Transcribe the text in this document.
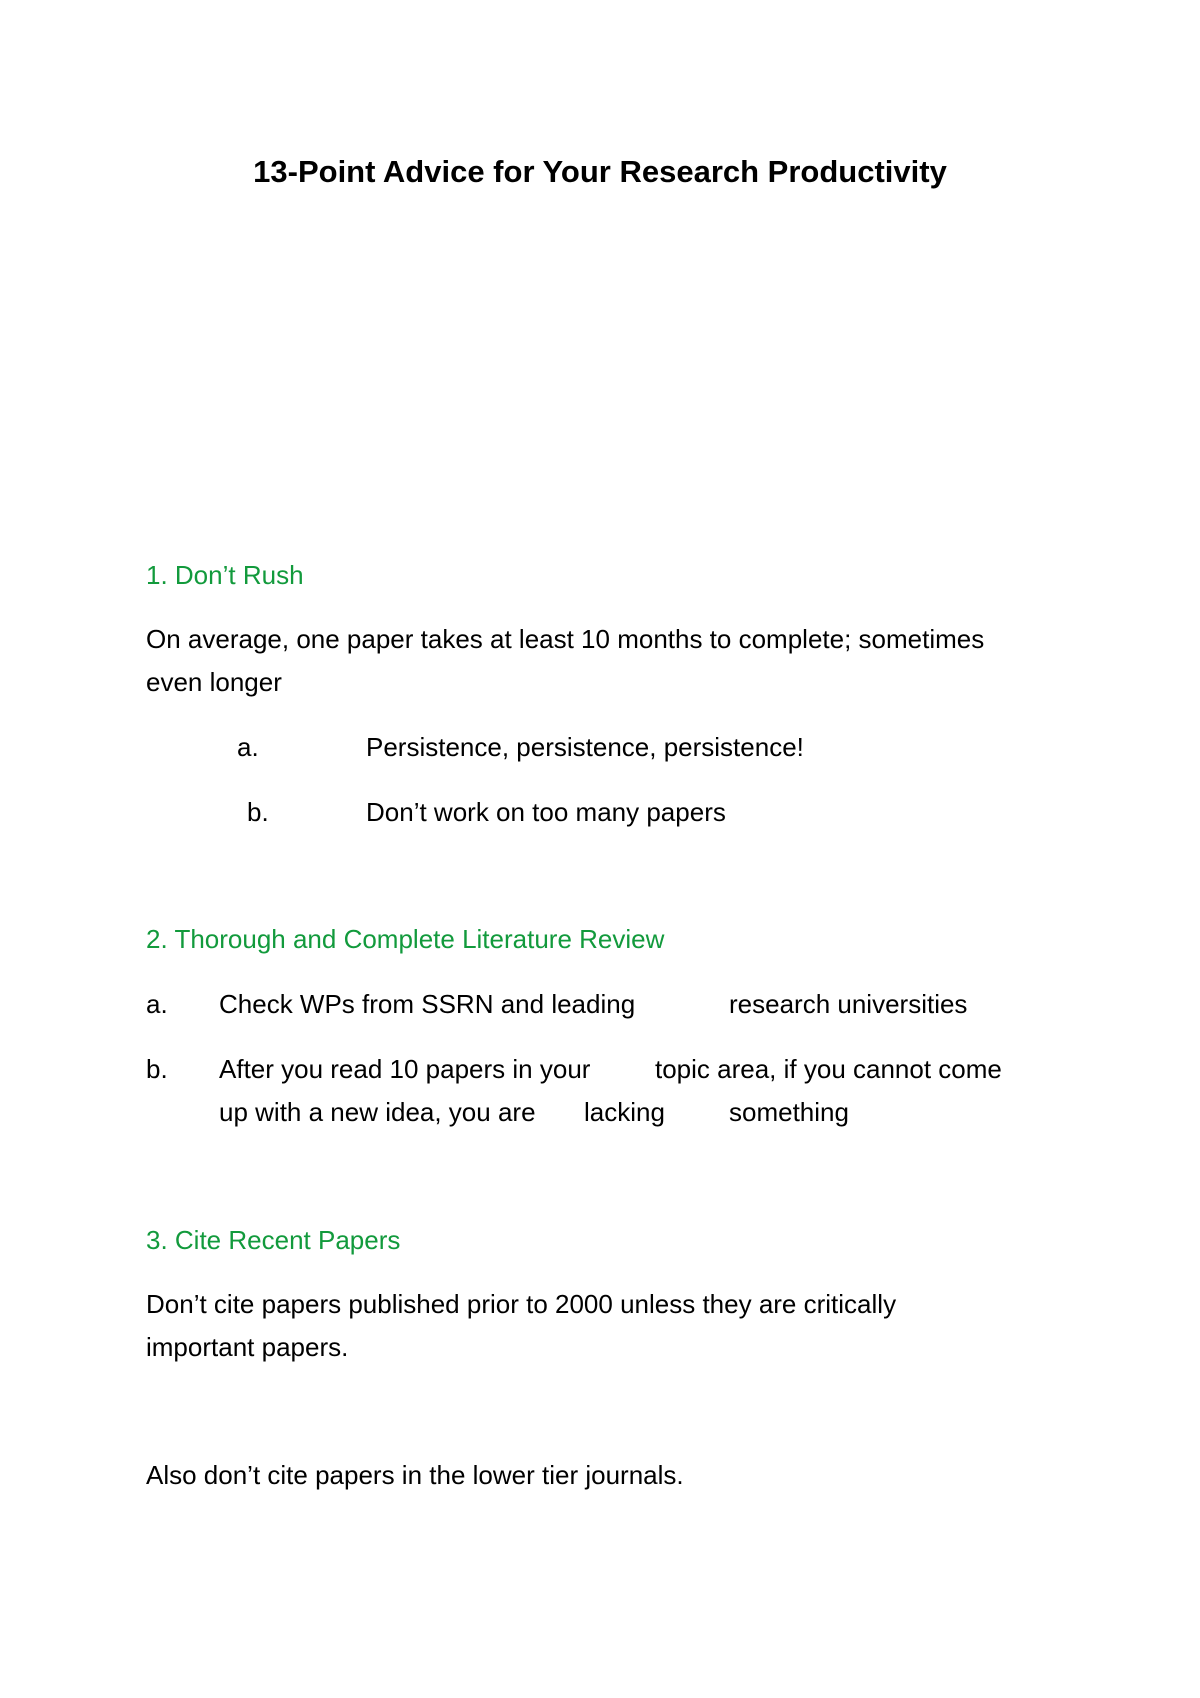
13-Point Advice for Your Research Productivity
1. Don’t Rush
On average, one paper takes at least 10 months to complete; sometimes
even longer
a.	Persistence, persistence, persistence!
b.	Don’t work on too many papers
2. Thorough and Complete Literature Review
a. Check WPs from SSRN and leading	research universities
b. After you read 10 papers in your topic area, if you cannot come
up with a new idea, you are lacking something
3. Cite Recent Papers
Don’t cite papers published prior to 2000 unless they are critically
important papers.
Also don’t cite papers in the lower tier journals.
